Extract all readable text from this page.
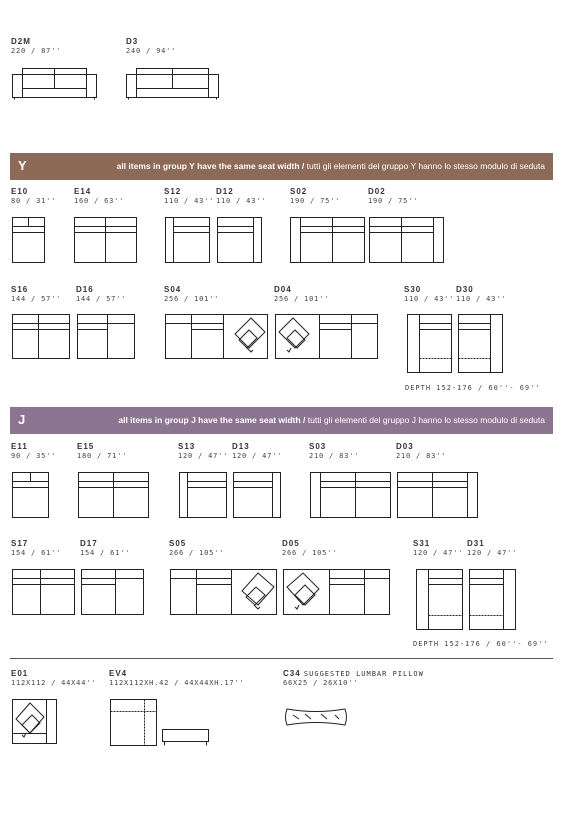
D2M
220 / 87''
D3
240 / 94''
Y	all items in group Y have the same seat width / tutti gli elementi del gruppo Y hanno lo stesso modulo di seduta
E10
80 / 31''
E14
160 / 63''
S12
110 / 43''
D12
110 / 43''
S02
190 / 75''
D02
190 / 75''
S16
144 / 57''
D16
144 / 57''
S04
256 / 101''
D04
256 / 101''
S30
110 / 43''
D30
110 / 43''
DEPTH 152-176 / 60''- 69''
J	all items in group J have the same seat width / tutti gli elementi del gruppo J hanno lo stesso modulo di seduta
E11
90 / 35''
E15
180 / 71''
S13
120 / 47''
D13
120 / 47''
S03
210 / 83''
D03
210 / 83''
S17
154 / 61''
D17
154 / 61''
S05
266 / 105''
D05
266 / 105''
S31
120 / 47''
D31
120 / 47''
DEPTH 152-176 / 60''- 69''
E01
112X112 / 44X44''
EV4
112X112XH.42 / 44X44XH.17''
C34 SUGGESTED LUMBAR PILLOW
66X25 / 26X10''
